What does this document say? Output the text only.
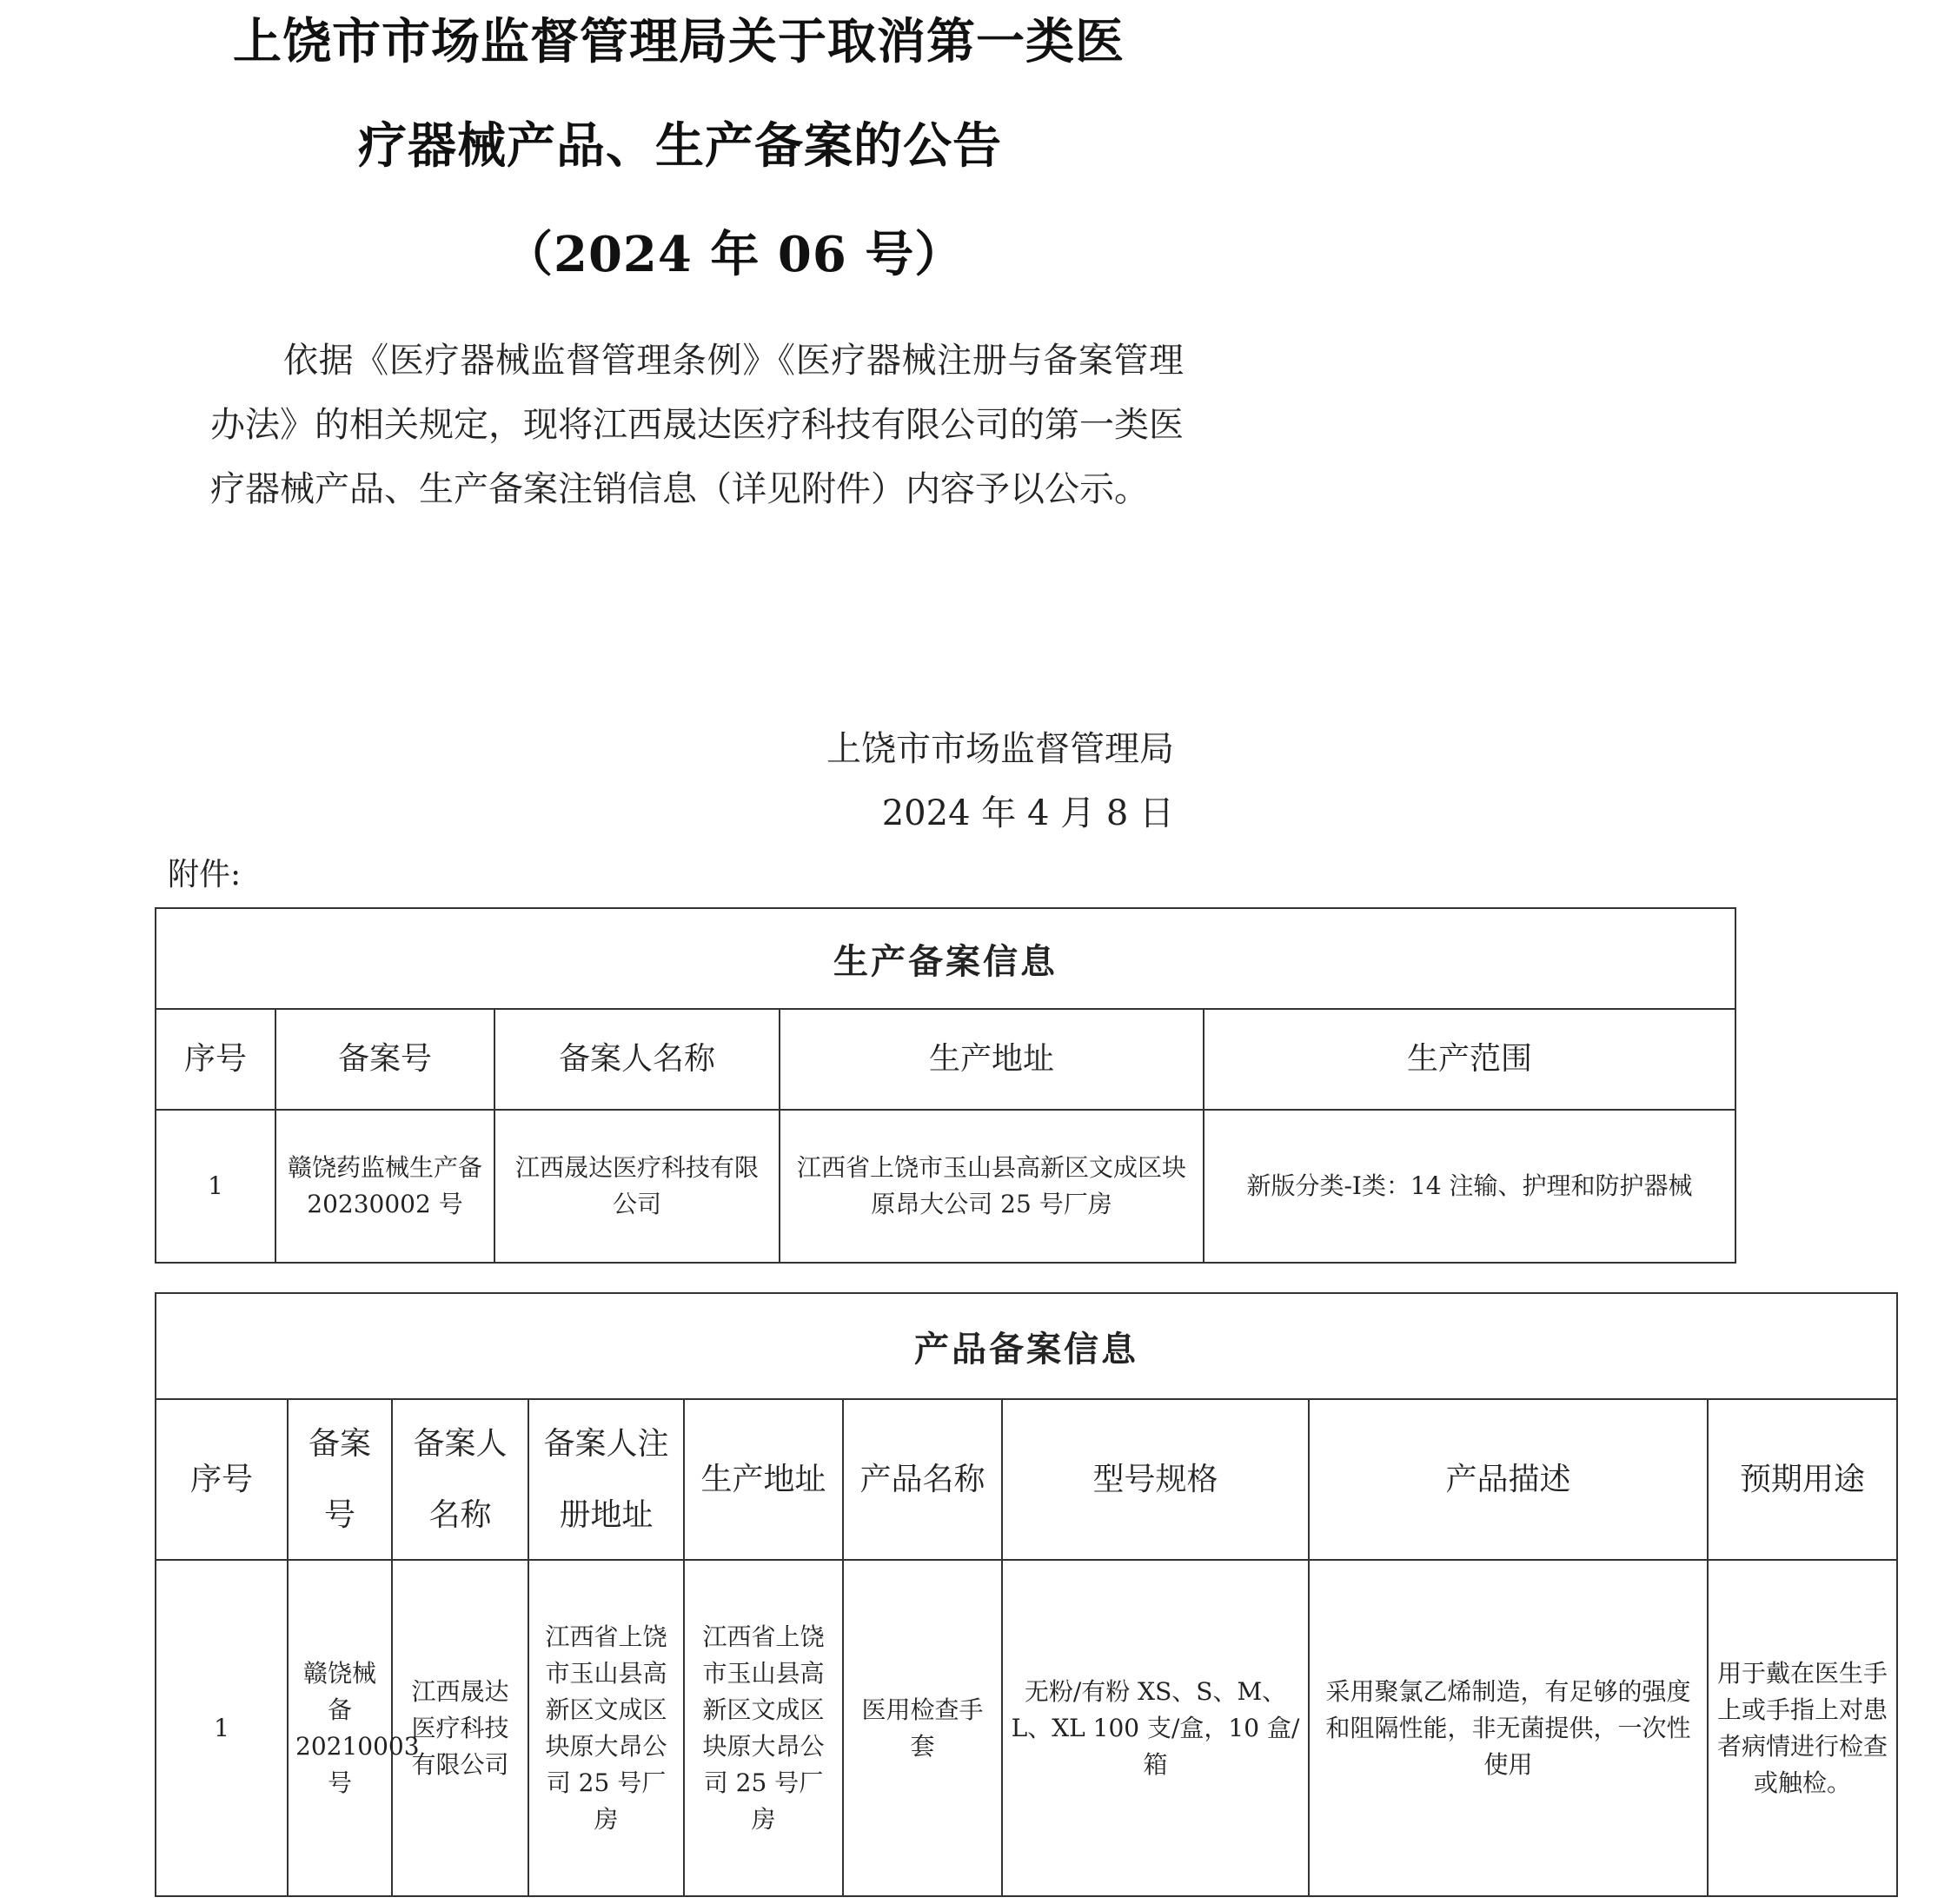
上饶市市场监督管理局关于取消第一类医
疗器械产品、生产备案的公告
（2024 年 06 号）
依据《医疗器械监督管理条例》《医疗器械注册与备案管理办法》的相关规定，现将江西晟达医疗科技有限公司的第一类医疗器械产品、生产备案注销信息（详见附件）内容予以公示。
上饶市市场监督管理局
2024 年 4 月 8 日
附件:
生产备案信息				
序号	备案号	备案人名称	生产地址	生产范围
1	赣饶药监械生产备 20230002 号	江西晟达医疗科技有限公司	江西省上饶市玉山县高新区文成区块原昂大公司 25 号厂房	新版分类-Ⅰ类：14 注输、护理和防护器械
产品备案信息								
序号	备案号	备案人名称	备案人注册地址	生产地址	产品名称	型号规格	产品描述	预期用途
1	赣饶械备 20210003 号	江西晟达医疗科技有限公司	江西省上饶市玉山县高新区文成区块原大昂公司 25 号厂房	江西省上饶市玉山县高新区文成区块原大昂公司 25 号厂房	医用检查手套	无粉/有粉 XS、S、M、L、XL 100 支/盒，10 盒/箱	采用聚氯乙烯制造，有足够的强度和阻隔性能，非无菌提供，一次性使用	用于戴在医生手上或手指上对患者病情进行检查或触检。
